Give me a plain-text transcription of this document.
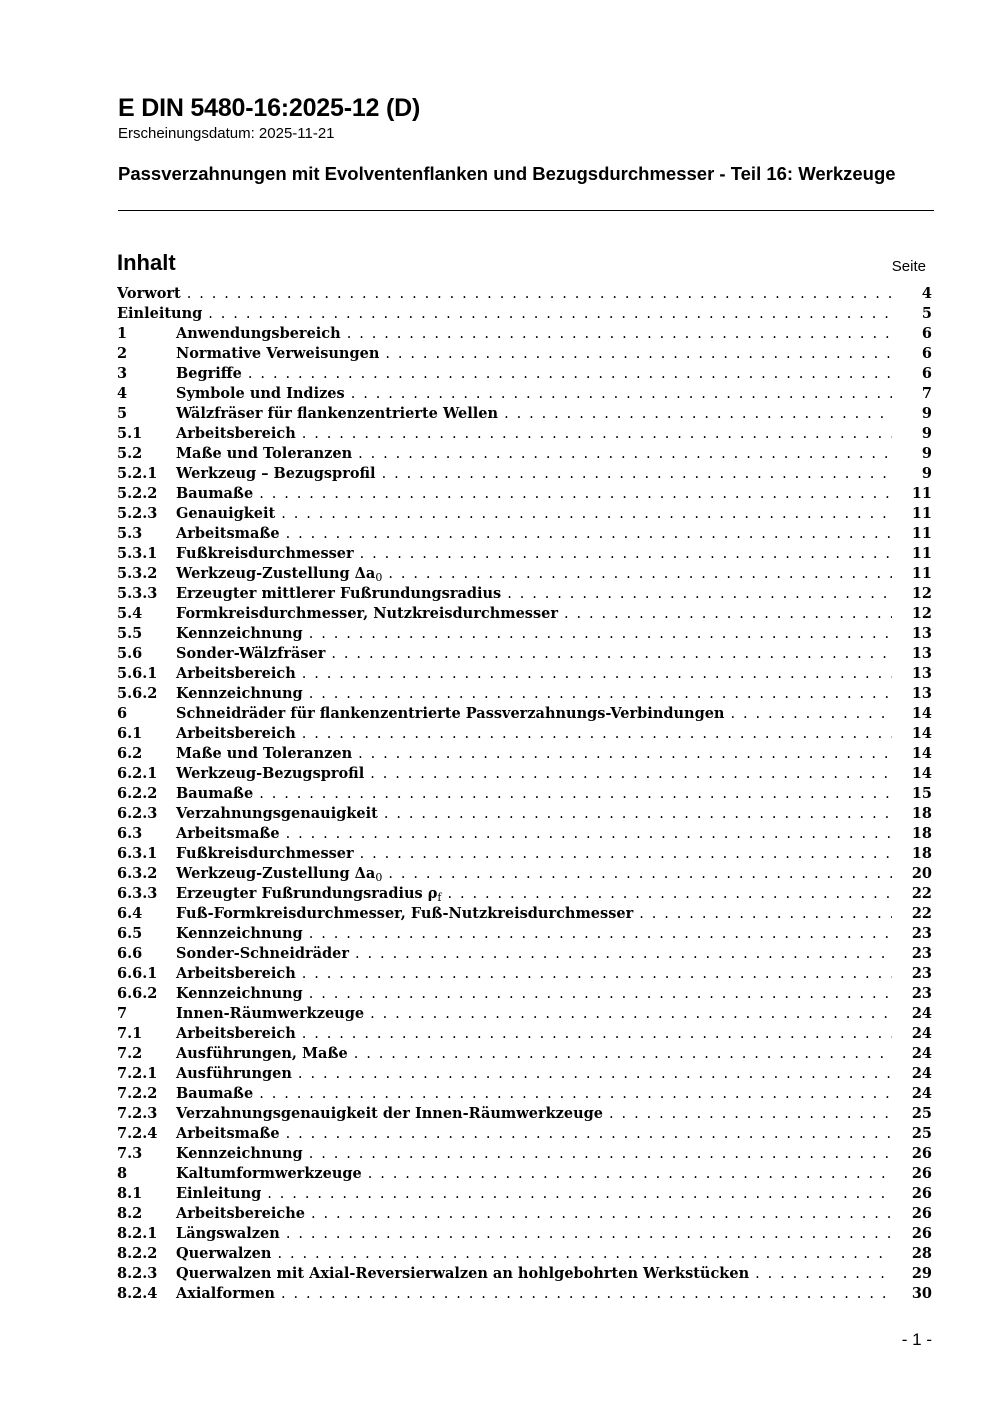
E DIN 5480-16:2025-12 (D)

Erscheinungsdatum: 2025-11-21

Passverzahnungen mit Evolventenflanken und Bezugsdurchmesser - Teil 16: Werkzeuge
Inhalt	Seite
Vorwort . . .	4
Einleitung . . .	5
1	Anwendungsbereich . . .	6
2	Normative Verweisungen . . .	6
3	Begriffe . . .	6
4	Symbole und Indizes . . .	7
5	Wälzfräser für flankenzentrierte Wellen . . .	9
5.1	Arbeitsbereich . . .	9
5.2	Maße und Toleranzen . . .	9
5.2.1	Werkzeug – Bezugsprofil . . .	9
5.2.2	Baumaße . . .	11
5.2.3	Genauigkeit . . .	11
5.3	Arbeitsmaße . . .	11
5.3.1	Fußkreisdurchmesser . . .	11
5.3.2	Werkzeug-Zustellung $\Delta a_0$ . . .	11
5.3.3	Erzeugter mittlerer Fußrundungsradius . . .	12
5.4	Formkreisdurchmesser, Nutzkreisdurchmesser . . .	12
5.5	Kennzeichnung . . .	13
5.6	Sonder-Wälzfräser . . .	13
5.6.1	Arbeitsbereich . . .	13
5.6.2	Kennzeichnung . . .	13
6	Schneidräder für flankenzentrierte Passverzahnungs-Verbindungen . . .	14
6.1	Arbeitsbereich . . .	14
6.2	Maße und Toleranzen . . .	14
6.2.1	Werkzeug-Bezugsprofil . . .	14
6.2.2	Baumaße . . .	15
6.2.3	Verzahnungsgenauigkeit . . .	18
6.3	Arbeitsmaße . . .	18
6.3.1	Fußkreisdurchmesser . . .	18
6.3.2	Werkzeug-Zustellung $\Delta a_0$ . . .	20
6.3.3	Erzeugter Fußrundungsradius $\rho_f$ . . .	22
6.4	Fuß-Formkreisdurchmesser, Fuß-Nutzkreisdurchmesser . . .	22
6.5	Kennzeichnung . . .	23
6.6	Sonder-Schneidräder . . .	23
6.6.1	Arbeitsbereich . . .	23
6.6.2	Kennzeichnung . . .	23
7	Innen-Räumwerkzeuge . . .	24
7.1	Arbeitsbereich . . .	24
7.2	Ausführungen, Maße . . .	24
7.2.1	Ausführungen . . .	24
7.2.2	Baumaße . . .	24
7.2.3	Verzahnungsgenauigkeit der Innen-Räumwerkzeuge . . .	25
7.2.4	Arbeitsmaße . . .	25
7.3	Kennzeichnung . . .	26
8	Kaltumformwerkzeuge . . .	26
8.1	Einleitung . . .	26
8.2	Arbeitsbereiche . . .	26
8.2.1	Längswalzen . . .	26
8.2.2	Querwalzen . . .	28
8.2.3	Querwalzen mit Axial-Reversierwalzen an hohlgebohrten Werkstücken . . .	29
8.2.4	Axialformen . . .	30
- 1 -
